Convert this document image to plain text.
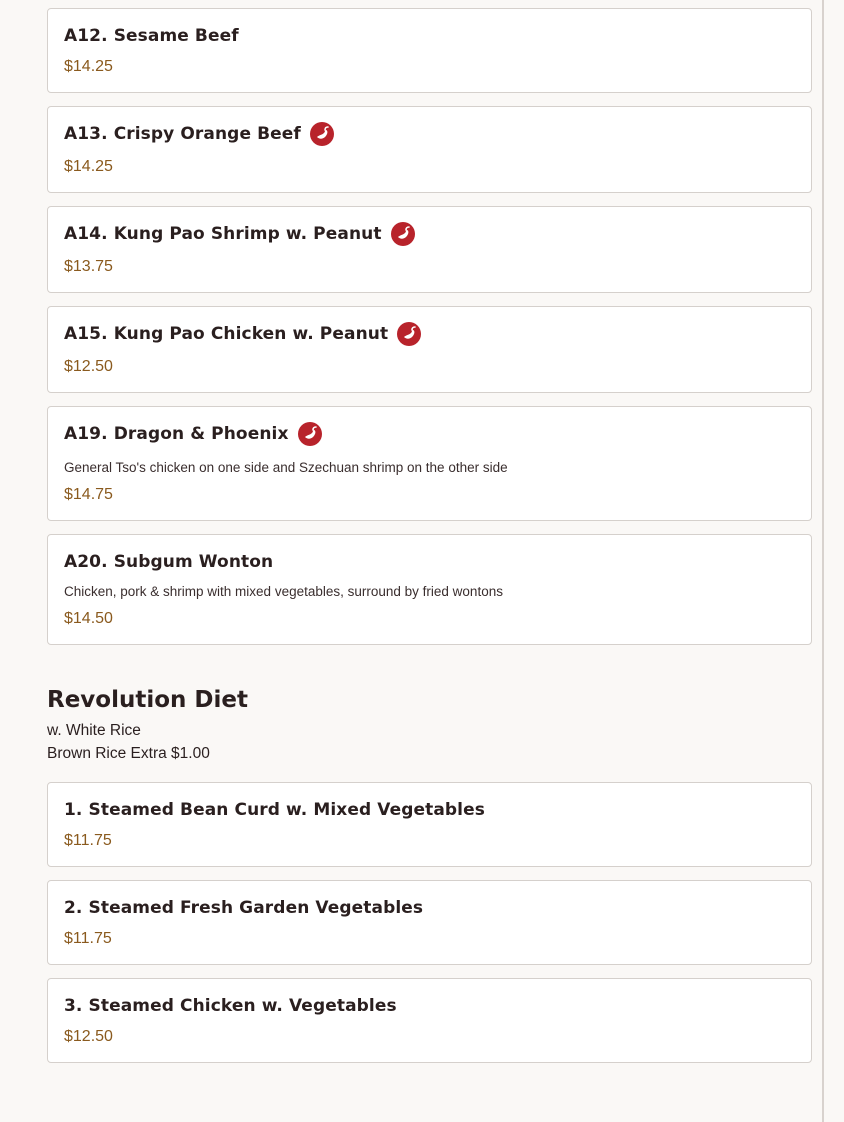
A12. Sesame Beef
$14.25
A13. Crispy Orange Beef
$14.25
A14. Kung Pao Shrimp w. Peanut
$13.75
A15. Kung Pao Chicken w. Peanut
$12.50
A19. Dragon & Phoenix
General Tso's chicken on one side and Szechuan shrimp on the other side
$14.75
A20. Subgum Wonton
Chicken, pork & shrimp with mixed vegetables, surround by fried wontons
$14.50
Revolution Diet
w. White Rice
Brown Rice Extra $1.00
1. Steamed Bean Curd w. Mixed Vegetables
$11.75
2. Steamed Fresh Garden Vegetables
$11.75
3. Steamed Chicken w. Vegetables
$12.50
